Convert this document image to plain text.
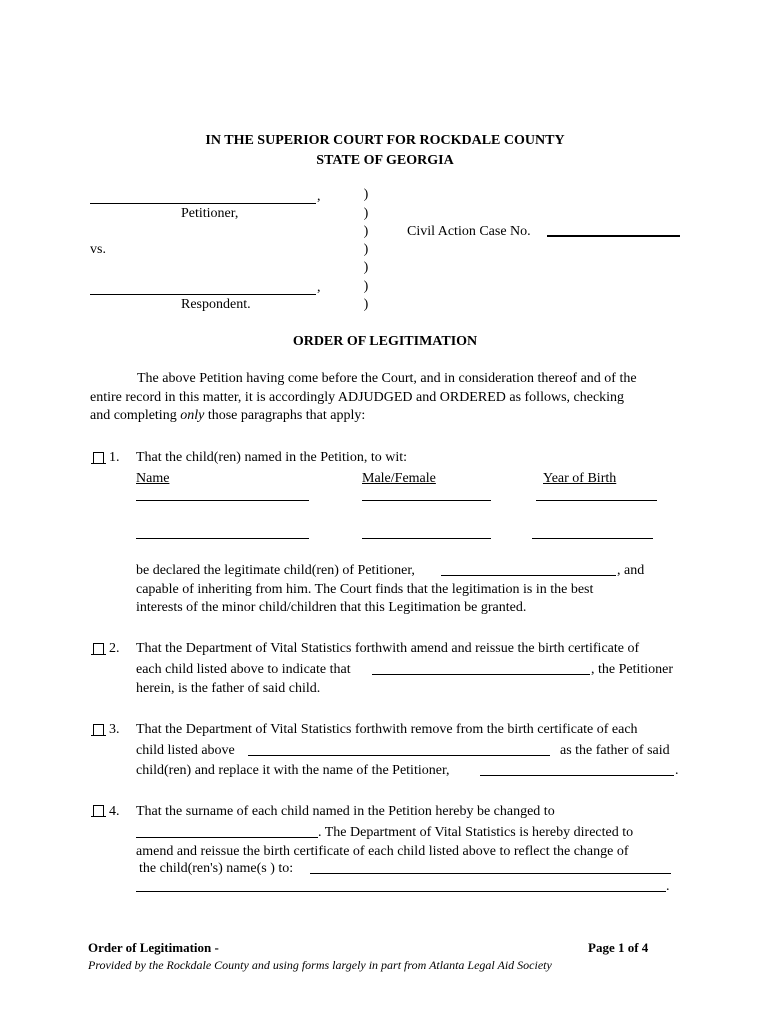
IN THE SUPERIOR COURT FOR ROCKDALE COUNTY
STATE OF GEORGIA
,
Petitioner,
vs.
,
Respondent.
)
)
)
)
)
)
)
Civil Action Case No.
ORDER OF LEGITIMATION
The above Petition having come before the Court, and in consideration thereof and of the
entire record in this matter, it is accordingly ADJUDGED and ORDERED as follows, checking
and completing only those paragraphs that apply:
1. That the child(ren) named in the Petition, to wit:
Name	Male/Female	Year of Birth
be declared the legitimate child(ren) of Petitioner,	, and
capable of inheriting from him. The Court finds that the legitimation is in the best
interests of the minor child/children that this Legitimation be granted.
2. That the Department of Vital Statistics forthwith amend and reissue the birth certificate of
each child listed above to indicate that	, the Petitioner
herein, is the father of said child.
3. That the Department of Vital Statistics forthwith remove from the birth certificate of each
child listed above	as the father of said
child(ren) and replace it with the name of the Petitioner,	.
4. That the surname of each child named in the Petition hereby be changed to
. The Department of Vital Statistics is hereby directed to
amend and reissue the birth certificate of each child listed above to reflect the change of
the child(ren's) name(s ) to:
.
Order of Legitimation -	Page 1 of 4
Provided by the Rockdale County and using forms largely in part from Atlanta Legal Aid Society
